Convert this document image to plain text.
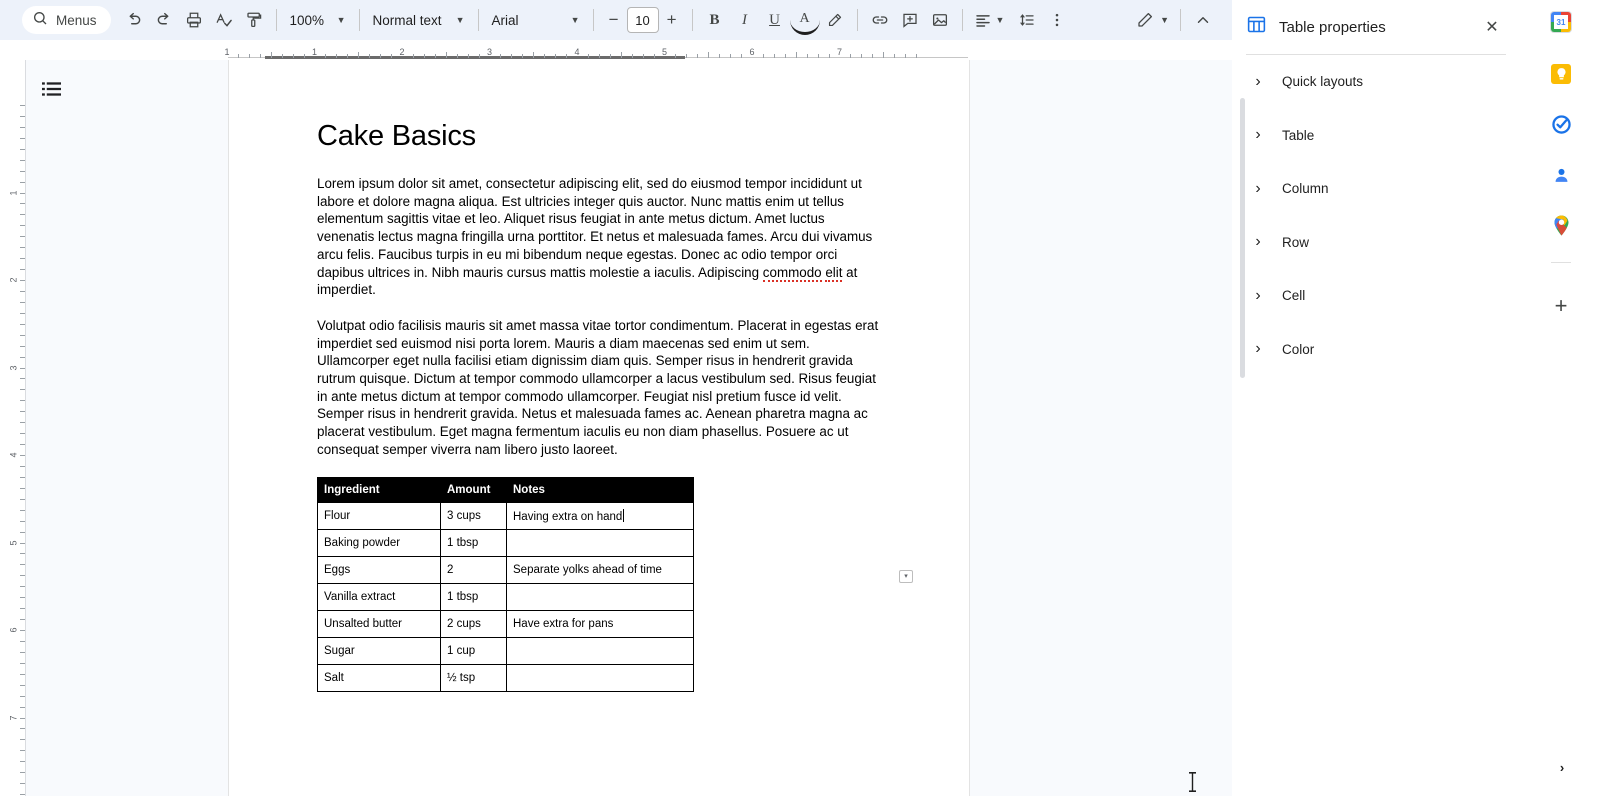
Menus	100% ▼ Normal text ▼ Arial	▼	−	10 +	B	I	U	A	▼	▼
1	1	2	3	4	5	6	7
1
2
3
4
5
6
7
Cake Basics
Lorem ipsum dolor sit amet, consectetur adipiscing elit, sed do eiusmod tempor incididunt ut labore et dolore magna aliqua. Est ultricies integer quis auctor. Nunc mattis enim ut tellus elementum sagittis vitae et leo. Aliquet risus feugiat in ante metus dictum. Amet luctus venenatis lectus magna fringilla urna porttitor. Et netus et malesuada fames. Arcu dui vivamus arcu felis. Faucibus turpis in eu mi bibendum neque egestas. Donec ac odio tempor orci dapibus ultrices in. Nibh mauris cursus mattis molestie a iaculis. Adipiscing commodo elit at imperdiet.
Volutpat odio facilisis mauris sit amet massa vitae tortor condimentum. Placerat in egestas erat imperdiet sed euismod nisi porta lorem. Mauris a diam maecenas sed enim ut sem. Ullamcorper eget nulla facilisi etiam dignissim diam quis. Semper risus in hendrerit gravida rutrum quisque. Dictum at tempor commodo ullamcorper a lacus vestibulum sed. Risus feugiat in ante metus dictum at tempor commodo ullamcorper. Feugiat nisl pretium fusce id velit. Semper risus in hendrerit gravida. Netus et malesuada fames ac. Aenean pharetra magna ac placerat vestibulum. Eget magna fermentum iaculis eu non diam phasellus. Posuere ac ut consequat semper viverra nam libero justo laoreet.
Ingredient	Amount	Notes
Flour	3 cups	Having extra on hand
Baking powder	1 tbsp	
Eggs	2	Separate yolks ahead of time
Vanilla extract	1 tbsp	
Unsalted butter	2 cups	Have extra for pans
Sugar	1 cup	
Salt	½ tsp	
▾
Table properties	✕
›	Quick layouts
›	Table
›	Column
›	Row
›	Cell
›	Color
31
+
›
